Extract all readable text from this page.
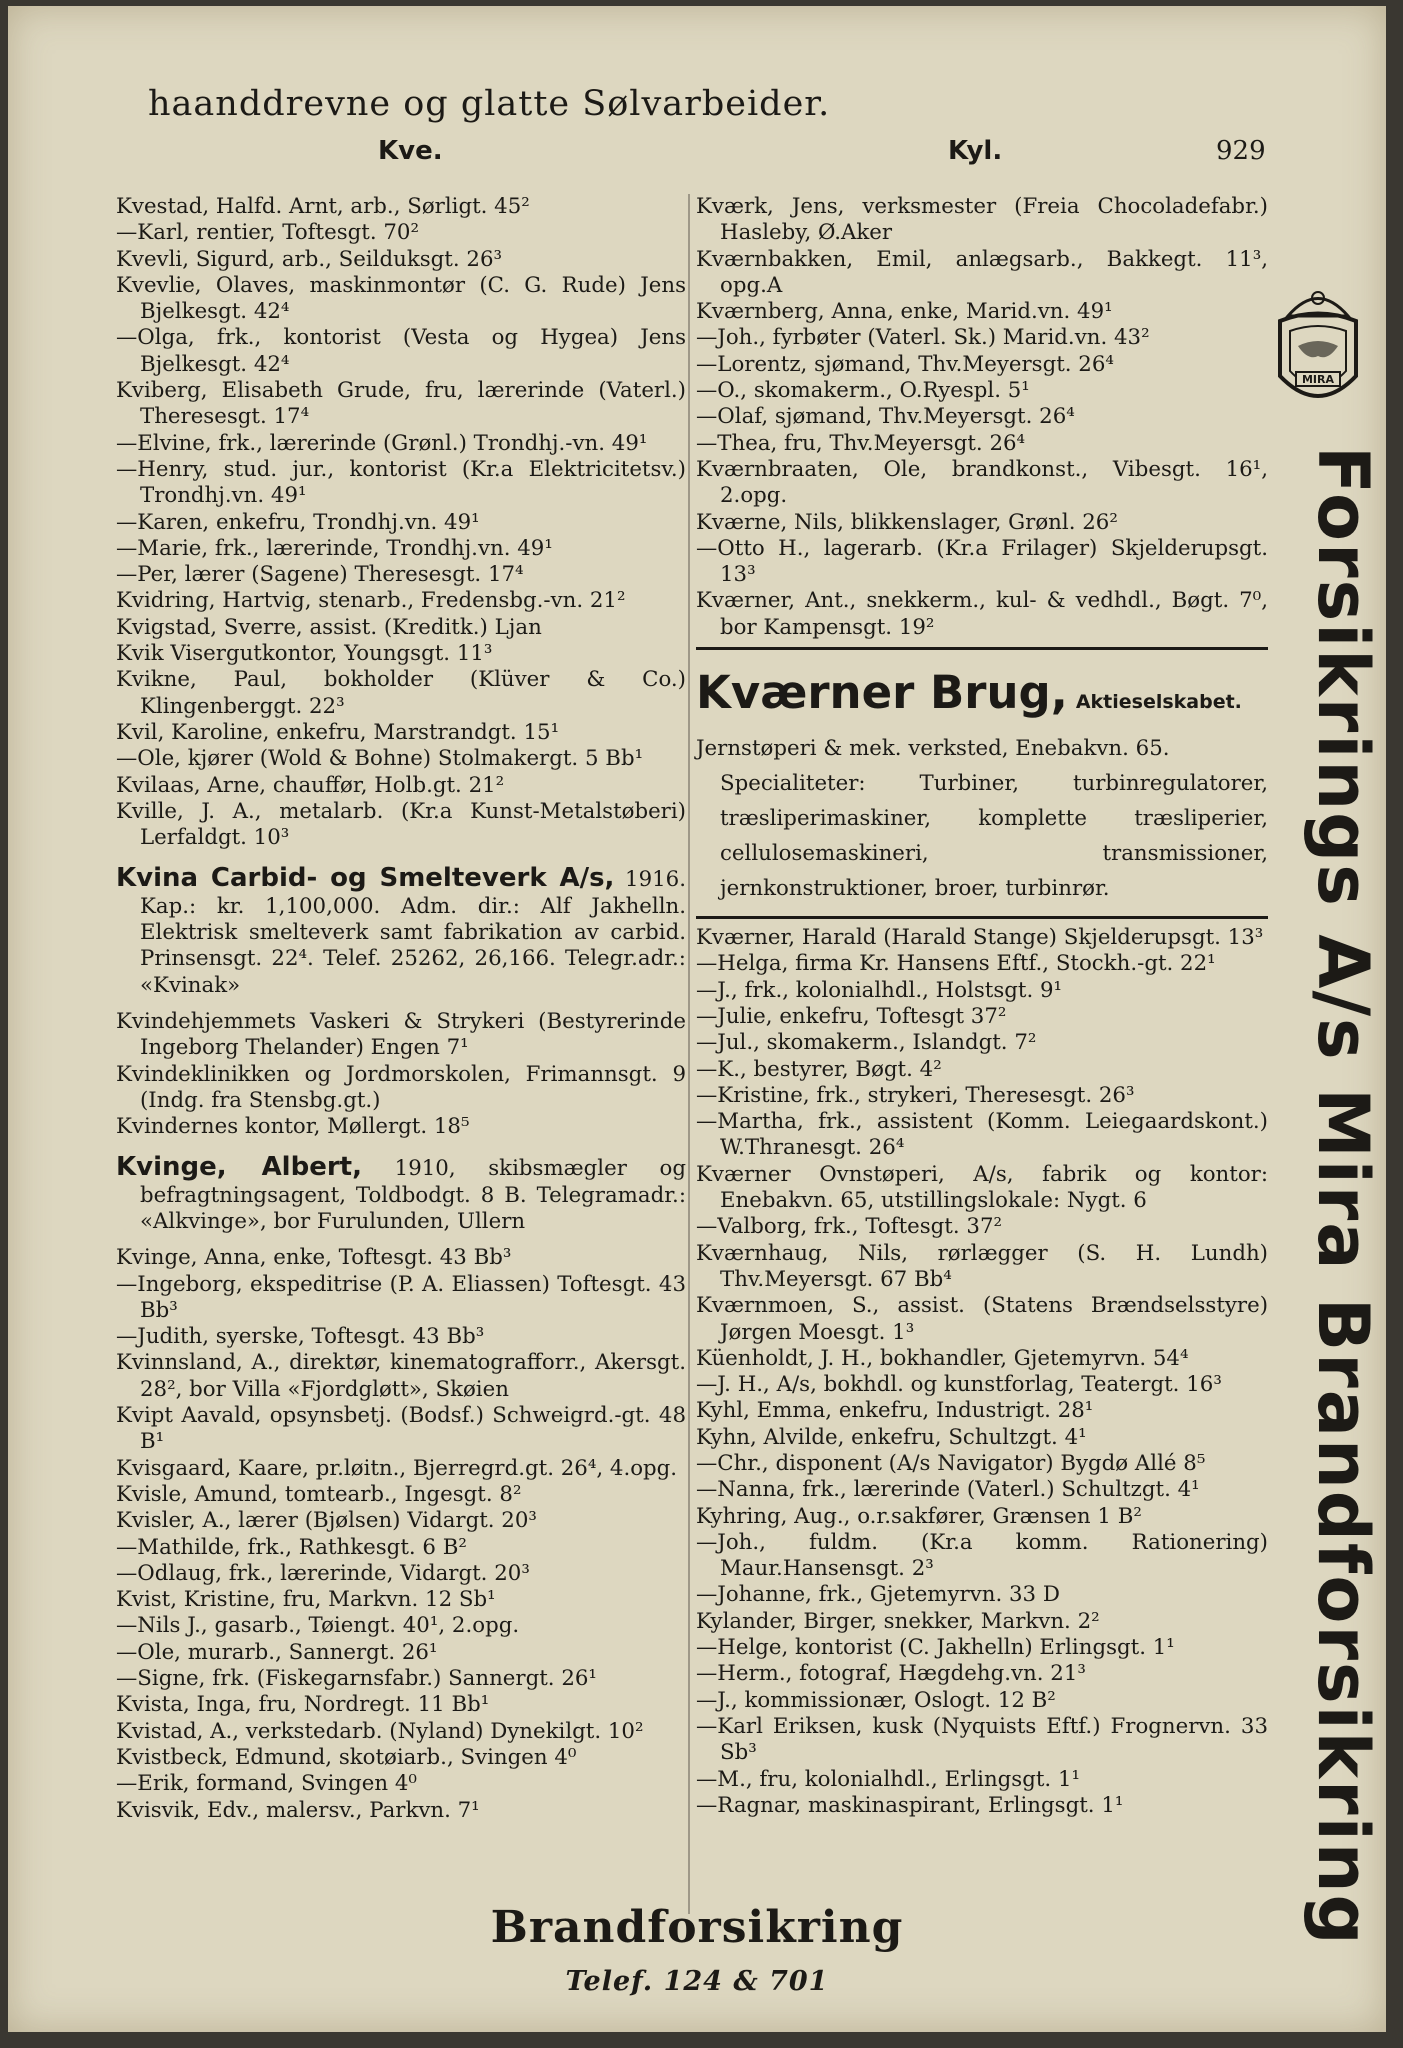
haanddrevne og glatte Sølvarbeider.
Kve.	Kyl.	929

Kvestad, Halfd. Arnt, arb., Sørligt. 45²

—Karl, rentier, Toftesgt. 70²

Kvevli, Sigurd, arb., Seilduksgt. 26³

Kvevlie, Olaves, maskinmontør (C. G. Rude) Jens Bjelkesgt. 42⁴

—Olga, frk., kontorist (Vesta og Hygea) Jens Bjelkesgt. 42⁴

Kviberg, Elisabeth Grude, fru, lærerinde (Vaterl.) Theresesgt. 17⁴

—Elvine, frk., lærerinde (Grønl.) Trondhj.-vn. 49¹

—Henry, stud. jur., kontorist (Kr.a Elektricitetsv.) Trondhj.vn. 49¹

—Karen, enkefru, Trondhj.vn. 49¹

—Marie, frk., lærerinde, Trondhj.vn. 49¹

—Per, lærer (Sagene) Theresesgt. 17⁴

Kvidring, Hartvig, stenarb., Fredensbg.-vn. 21²

Kvigstad, Sverre, assist. (Kreditk.) Ljan

Kvik Visergutkontor, Youngsgt. 11³

Kvikne, Paul, bokholder (Klüver & Co.) Klingenberggt. 22³

Kvil, Karoline, enkefru, Marstrandgt. 15¹

—Ole, kjører (Wold & Bohne) Stolmakergt. 5 Bb¹

Kvilaas, Arne, chauffør, Holb.gt. 21²

Kville, J. A., metalarb. (Kr.a Kunst-Metalstøberi) Lerfaldgt. 10³

Kvina Carbid- og Smelteverk A/s, 1916. Kap.: kr. 1,100,000. Adm. dir.: Alf Jakhelln. Elektrisk smelteverk samt fabrikation av carbid. Prinsensgt. 22⁴. Telef. 25262, 26,166. Telegr.adr.: «Kvinak»

Kvindehjemmets Vaskeri & Strykeri (Bestyrerinde Ingeborg Thelander) Engen 7¹

Kvindeklinikken og Jordmorskolen, Frimannsgt. 9 (Indg. fra Stensbg.gt.)

Kvindernes kontor, Møllergt. 18⁵

Kvinge, Albert, 1910, skibsmægler og befragtningsagent, Toldbodgt. 8 B. Telegramadr.: «Alkvinge», bor Furulunden, Ullern

Kvinge, Anna, enke, Toftesgt. 43 Bb³

—Ingeborg, ekspeditrise (P. A. Eliassen) Toftesgt. 43 Bb³

—Judith, syerske, Toftesgt. 43 Bb³

Kvinnsland, A., direktør, kinematografforr., Akersgt. 28², bor Villa «Fjordgløtt», Skøien

Kvipt Aavald, opsynsbetj. (Bodsf.) Schweigrd.-gt. 48 B¹

Kvisgaard, Kaare, pr.løitn., Bjerregrd.gt. 26⁴, 4.opg.

Kvisle, Amund, tomtearb., Ingesgt. 8²

Kvisler, A., lærer (Bjølsen) Vidargt. 20³

—Mathilde, frk., Rathkesgt. 6 B²

—Odlaug, frk., lærerinde, Vidargt. 20³

Kvist, Kristine, fru, Markvn. 12 Sb¹

—Nils J., gasarb., Tøiengt. 40¹, 2.opg.

—Ole, murarb., Sannergt. 26¹

—Signe, frk. (Fiskegarnsfabr.) Sannergt. 26¹

Kvista, Inga, fru, Nordregt. 11 Bb¹

Kvistad, A., verkstedarb. (Nyland) Dynekilgt. 10²

Kvistbeck, Edmund, skotøiarb., Svingen 4⁰

—Erik, formand, Svingen 4⁰

Kvisvik, Edv., malersv., Parkvn. 7¹

Kværk, Jens, verksmester (Freia Chocoladefabr.) Hasleby, Ø.Aker

Kværnbakken, Emil, anlægsarb., Bakkegt. 11³, opg.A

Kværnberg, Anna, enke, Marid.vn. 49¹

—Joh., fyrbøter (Vaterl. Sk.) Marid.vn. 43²

—Lorentz, sjømand, Thv.Meyersgt. 26⁴

—O., skomakerm., O.Ryespl. 5¹

—Olaf, sjømand, Thv.Meyersgt. 26⁴

—Thea, fru, Thv.Meyersgt. 26⁴

Kværnbraaten, Ole, brandkonst., Vibesgt. 16¹, 2.opg.

Kværne, Nils, blikkenslager, Grønl. 26²

—Otto H., lagerarb. (Kr.a Frilager) Skjelderupsgt. 13³

Kværner, Ant., snekkerm., kul- & vedhdl., Bøgt. 7⁰, bor Kampensgt. 19²

Kværner Brug, Aktieselskabet.
Jernstøperi & mek. verksted, Enebakvn. 65.
Specialiteter: Turbiner, turbinregulatorer, træsliperimaskiner, komplette træsliperier, cellulosemaskineri, transmissioner, jernkonstruktioner, broer, turbinrør.

Kværner, Harald (Harald Stange) Skjelderupsgt. 13³

—Helga, firma Kr. Hansens Eftf., Stockh.-gt. 22¹

—J., frk., kolonialhdl., Holstsgt. 9¹

—Julie, enkefru, Toftesgt 37²

—Jul., skomakerm., Islandgt. 7²

—K., bestyrer, Bøgt. 4²

—Kristine, frk., strykeri, Theresesgt. 26³

—Martha, frk., assistent (Komm. Leiegaardskont.) W.Thranesgt. 26⁴

Kværner Ovnstøperi, A/s, fabrik og kontor: Enebakvn. 65, utstillingslokale: Nygt. 6

—Valborg, frk., Toftesgt. 37²

Kværnhaug, Nils, rørlægger (S. H. Lundh) Thv.Meyersgt. 67 Bb⁴

Kværnmoen, S., assist. (Statens Brændselsstyre) Jørgen Moesgt. 1³

Küenholdt, J. H., bokhandler, Gjetemyrvn. 54⁴

—J. H., A/s, bokhdl. og kunstforlag, Teatergt. 16³

Kyhl, Emma, enkefru, Industrigt. 28¹

Kyhn, Alvilde, enkefru, Schultzgt. 4¹

—Chr., disponent (A/s Navigator) Bygdø Allé 8⁵

—Nanna, frk., lærerinde (Vaterl.) Schultzgt. 4¹

Kyhring, Aug., o.r.sakfører, Grænsen 1 B²

—Joh., fuldm. (Kr.a komm. Rationering) Maur.Hansensgt. 2³

—Johanne, frk., Gjetemyrvn. 33 D

Kylander, Birger, snekker, Markvn. 2²

—Helge, kontorist (C. Jakhelln) Erlingsgt. 1¹

—Herm., fotograf, Hægdehg.vn. 21³

—J., kommissionær, Oslogt. 12 B²

—Karl Eriksen, kusk (Nyquists Eftf.) Frognervn. 33 Sb³

—M., fru, kolonialhdl., Erlingsgt. 1¹

—Ragnar, maskinaspirant, Erlingsgt. 1¹

MIRA
Forsikrings A/s Mira Brandforsikring
Brandforsikring
Telef. 124 & 701
